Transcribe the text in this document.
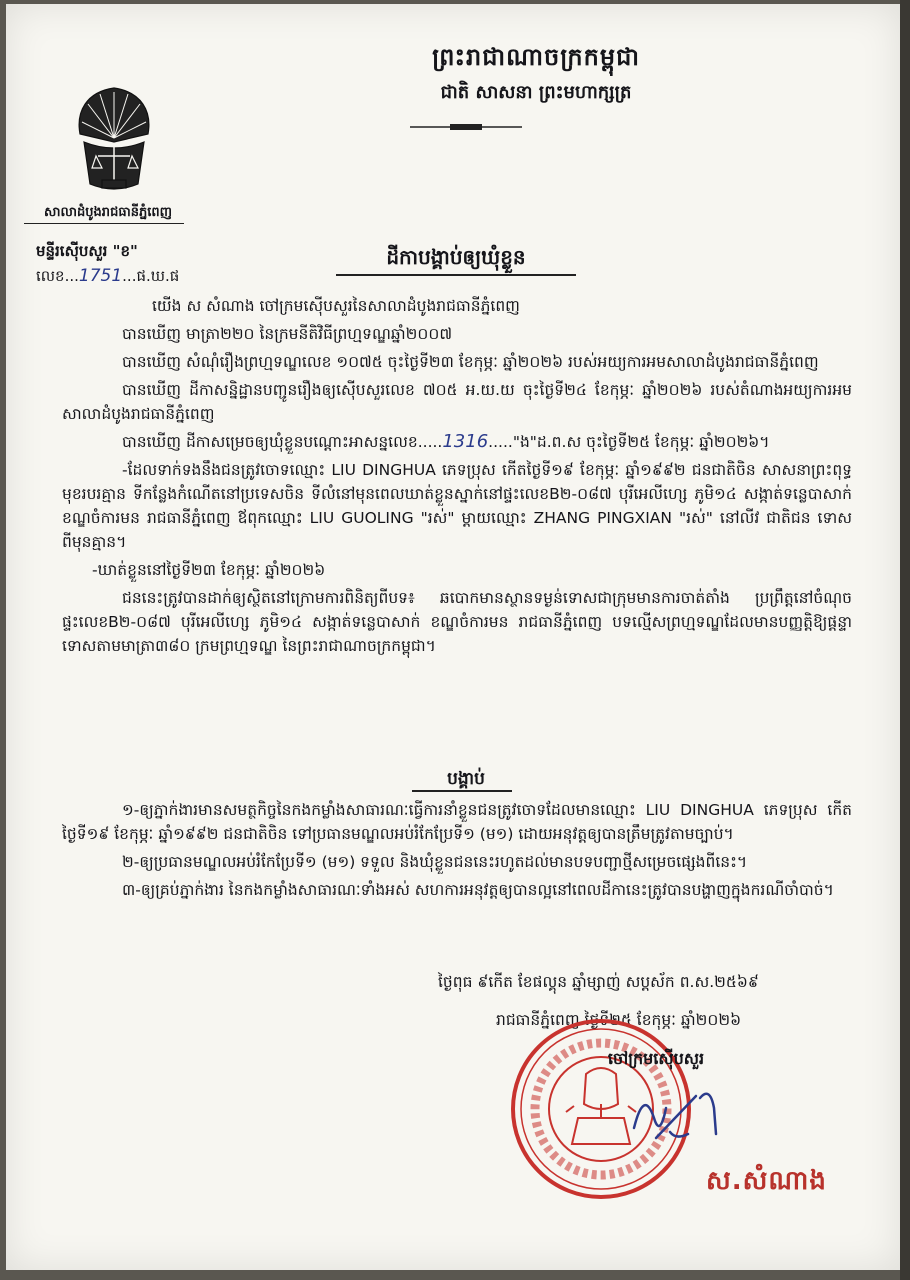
ព្រះរាជាណាចក្រកម្ពុជា
ជាតិ សាសនា ព្រះមហាក្សត្រ
សាលាដំបូងរាជធានីភ្នំពេញ
មន្ទីរស៊ើបសួរ "ខ"
លេខ...1751...ផ.ឃ.ផ
ដីកាបង្គាប់ឲ្យឃុំខ្លួន

យើង ស សំណាង ចៅក្រមស៊ើបសួរនៃសាលាដំបូងរាជធានីភ្នំពេញ

បានឃើញ មាត្រា២២០ នៃក្រមនីតិវិធីព្រហ្មទណ្ឌឆ្នាំ២០០៧

បានឃើញ សំណុំរឿងព្រហ្មទណ្ឌលេខ ១០៧៥ ចុះថ្ងៃទី២៣ ខែកុម្ភៈ ឆ្នាំ២០២៦ របស់អយ្យការអមសាលាដំបូងរាជធានីភ្នំពេញ

បានឃើញ ដីកាសន្និដ្ឋានបញ្ជូនរឿងឲ្យស៊ើបសួរលេខ ៧០៥ អ.យ.យ ចុះថ្ងៃទី២៤ ខែកុម្ភៈ ឆ្នាំ២០២៦ របស់តំណាងអយ្យការអមសាលាដំបូងរាជធានីភ្នំពេញ

បានឃើញ ដីកាសម្រេចឲ្យឃុំខ្លួនបណ្តោះអាសន្នលេខ.....1316....."ង"ដ.ព.ស ចុះថ្ងៃទី២៥ ខែកុម្ភៈ ឆ្នាំ២០២៦។

-ដែលទាក់ទងនឹងជនត្រូវចោទឈ្មោះ LIU DINGHUA ភេទប្រុស កើតថ្ងៃទី១៩ ខែកុម្ភៈ ឆ្នាំ១៩៩២ ជនជាតិចិន សាសនាព្រះពុទ្ធ មុខរបរគ្មាន ទីកន្លែងកំណើតនៅប្រទេសចិន ទីលំនៅមុនពេលឃាត់ខ្លួនស្នាក់នៅផ្ទះលេខB២-០៨៧ បុរីអេលីហ្សេ ភូមិ១៤ សង្កាត់ទន្លេបាសាក់ ខណ្ឌចំការមន រាជធានីភ្នំពេញ ឪពុកឈ្មោះ LIU GUOLING "រស់" ម្តាយឈ្មោះ ZHANG PINGXIAN "រស់" នៅលីវ ជាតិជន ទោសពីមុនគ្មាន។

-ឃាត់ខ្លួននៅថ្ងៃទី២៣ ខែកុម្ភៈ ឆ្នាំ២០២៦

ជននេះត្រូវបានដាក់ឲ្យស្ថិតនៅក្រោមការពិនិត្យពីបទ៖ ឆបោកមានស្ថានទម្ងន់ទោសជាក្រុមមានការចាត់តាំង ប្រព្រឹត្តនៅចំណុចផ្ទះលេខB២-០៨៧ បុរីអេលីហ្សេ ភូមិ១៤ សង្កាត់ទន្លេបាសាក់ ខណ្ឌចំការមន រាជធានីភ្នំពេញ បទល្មើសព្រហ្មទណ្ឌដែលមានបញ្ញត្តិឱ្យផ្តន្ទាទោសតាមមាត្រា៣៨០ ក្រមព្រហ្មទណ្ឌ នៃព្រះរាជាណាចក្រកម្ពុជា។

បង្គាប់

១-ឲ្យភ្នាក់ងារមានសមត្ថកិច្ចនៃកងកម្លាំងសាធារណៈធ្វើការនាំខ្លួនជនត្រូវចោទដែលមានឈ្មោះ LIU DINGHUA ភេទប្រុស កើតថ្ងៃទី១៩ ខែកុម្ភៈ ឆ្នាំ១៩៩២ ជនជាតិចិន ទៅប្រធានមណ្ឌលអប់រំកែប្រែទី១ (ម១) ដោយអនុវត្តឲ្យបានត្រឹមត្រូវតាមច្បាប់។

២-ឲ្យប្រធានមណ្ឌលអប់រំកែប្រែទី១ (ម១) ទទួល និងឃុំខ្លួនជននេះរហូតដល់មានបទបញ្ជាថ្មីសម្រេចផ្សេងពីនេះ។

៣-ឲ្យគ្រប់ភ្នាក់ងារ នៃកងកម្លាំងសាធារណៈទាំងអស់ សហការអនុវត្តឲ្យបានល្អនៅពេលដីកានេះត្រូវបានបង្ហាញក្នុងករណីចាំបាច់។

ថ្ងៃពុធ ៩កើត ខែផល្គុន ឆ្នាំម្សាញ់ សប្តស័ក ព.ស.២៥៦៩
រាជធានីភ្នំពេញ ថ្ងៃទី២៥ ខែកុម្ភៈ ឆ្នាំ២០២៦
ចៅក្រមស៊ើបសួរ
ស.សំណាង
